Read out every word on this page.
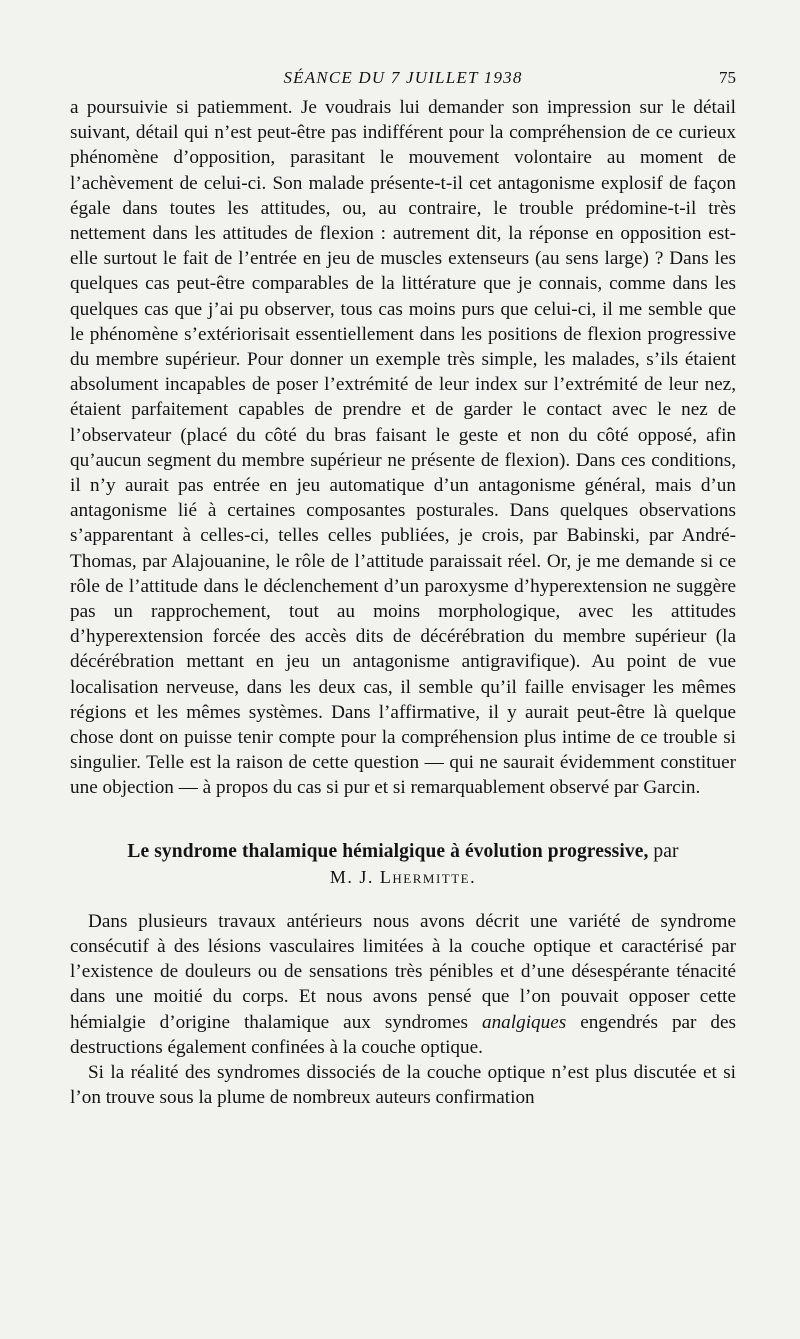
SÉANCE DU 7 JUILLET 1938	75

a poursuivie si patiemment. Je voudrais lui demander son impression sur le détail suivant, détail qui n’est peut-être pas indifférent pour la compréhension de ce curieux phénomène d’opposition, parasitant le mouvement volontaire au moment de l’achèvement de celui-ci. Son malade présente-t-il cet antagonisme explosif de façon égale dans toutes les attitudes, ou, au contraire, le trouble prédomine-t-il très nettement dans les attitudes de flexion : autrement dit, la réponse en opposition est-elle surtout le fait de l’entrée en jeu de muscles extenseurs (au sens large) ? Dans les quelques cas peut-être comparables de la littérature que je connais, comme dans les quelques cas que j’ai pu observer, tous cas moins purs que celui-ci, il me semble que le phénomène s’extériorisait essentiellement dans les positions de flexion progressive du membre supérieur. Pour donner un exemple très simple, les malades, s’ils étaient absolument incapables de poser l’extrémité de leur index sur l’extrémité de leur nez, étaient parfaitement capables de prendre et de garder le contact avec le nez de l’observateur (placé du côté du bras faisant le geste et non du côté opposé, afin qu’aucun segment du membre supérieur ne présente de flexion). Dans ces conditions, il n’y aurait pas entrée en jeu automatique d’un antagonisme général, mais d’un antagonisme lié à certaines composantes posturales. Dans quelques observations s’apparentant à celles-ci, telles celles publiées, je crois, par Babinski, par André-Thomas, par Alajouanine, le rôle de l’attitude paraissait réel. Or, je me demande si ce rôle de l’attitude dans le déclenchement d’un paroxysme d’hyperextension ne suggère pas un rapprochement, tout au moins morphologique, avec les attitudes d’hyperextension forcée des accès dits de décérébration du membre supérieur (la décérébration mettant en jeu un antagonisme antigravifique). Au point de vue localisation nerveuse, dans les deux cas, il semble qu’il faille envisager les mêmes régions et les mêmes systèmes. Dans l’affirmative, il y aurait peut-être là quelque chose dont on puisse tenir compte pour la compréhension plus intime de ce trouble si singulier. Telle est la raison de cette question — qui ne saurait évidemment constituer une objection — à propos du cas si pur et si remarquablement observé par Garcin.

Le syndrome thalamique hémialgique à évolution progressive, par

M. J. Lhermitte.

Dans plusieurs travaux antérieurs nous avons décrit une variété de syndrome consécutif à des lésions vasculaires limitées à la couche optique et caractérisé par l’existence de douleurs ou de sensations très pénibles et d’une désespérante ténacité dans une moitié du corps. Et nous avons pensé que l’on pouvait opposer cette hémialgie d’origine thalamique aux syndromes analgiques engendrés par des destructions également confinées à la couche optique.

Si la réalité des syndromes dissociés de la couche optique n’est plus discutée et si l’on trouve sous la plume de nombreux auteurs confirmation
